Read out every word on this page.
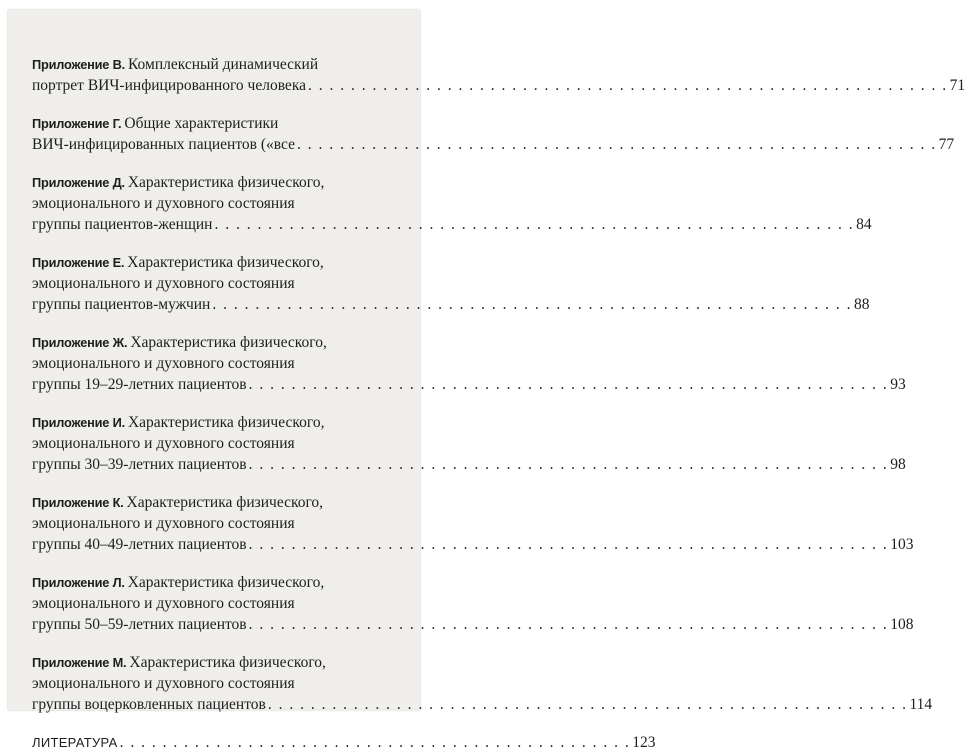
Приложение В. Комплексный динамический
портрет ВИЧ-инфицированного человека . . . . . . . . . . . . . . . . . . . . . . . . . . . . . . . . . . . . . . . . . . . . . . . . . . . . . . . . . . . . 71
Приложение Г. Общие характеристики
ВИЧ-инфицированных пациентов («все . . . . . . . . . . . . . . . . . . . . . . . . . . . . . . . . . . . . . . . . . . . . . . . . . . . . . . . . . . . . 77
Приложение Д. Характеристика физического,
эмоционального и духовного состояния
группы пациентов-женщин . . . . . . . . . . . . . . . . . . . . . . . . . . . . . . . . . . . . . . . . . . . . . . . . . . . . . . . . . . . . 84
Приложение Е. Характеристика физического,
эмоционального и духовного состояния
группы пациентов-мужчин . . . . . . . . . . . . . . . . . . . . . . . . . . . . . . . . . . . . . . . . . . . . . . . . . . . . . . . . . . . . 88
Приложение Ж. Характеристика физического,
эмоционального и духовного состояния
группы 19–29-летних пациентов . . . . . . . . . . . . . . . . . . . . . . . . . . . . . . . . . . . . . . . . . . . . . . . . . . . . . . . . . . . . 93
Приложение И. Характеристика физического,
эмоционального и духовного состояния
группы 30–39-летних пациентов . . . . . . . . . . . . . . . . . . . . . . . . . . . . . . . . . . . . . . . . . . . . . . . . . . . . . . . . . . . . 98
Приложение К. Характеристика физического,
эмоционального и духовного состояния
группы 40–49-летних пациентов . . . . . . . . . . . . . . . . . . . . . . . . . . . . . . . . . . . . . . . . . . . . . . . . . . . . . . . . . . . . 103
Приложение Л. Характеристика физического,
эмоционального и духовного состояния
группы 50–59-летних пациентов . . . . . . . . . . . . . . . . . . . . . . . . . . . . . . . . . . . . . . . . . . . . . . . . . . . . . . . . . . . . 108
Приложение М. Характеристика физического,
эмоционального и духовного состояния
группы воцерковленных пациентов . . . . . . . . . . . . . . . . . . . . . . . . . . . . . . . . . . . . . . . . . . . . . . . . . . . . . . . . . . . . 114
ЛИТЕРАТУРА . . . . . . . . . . . . . . . . . . . . . . . . . . . . . . . . . . . . . . . . . . . . . . . . 123
